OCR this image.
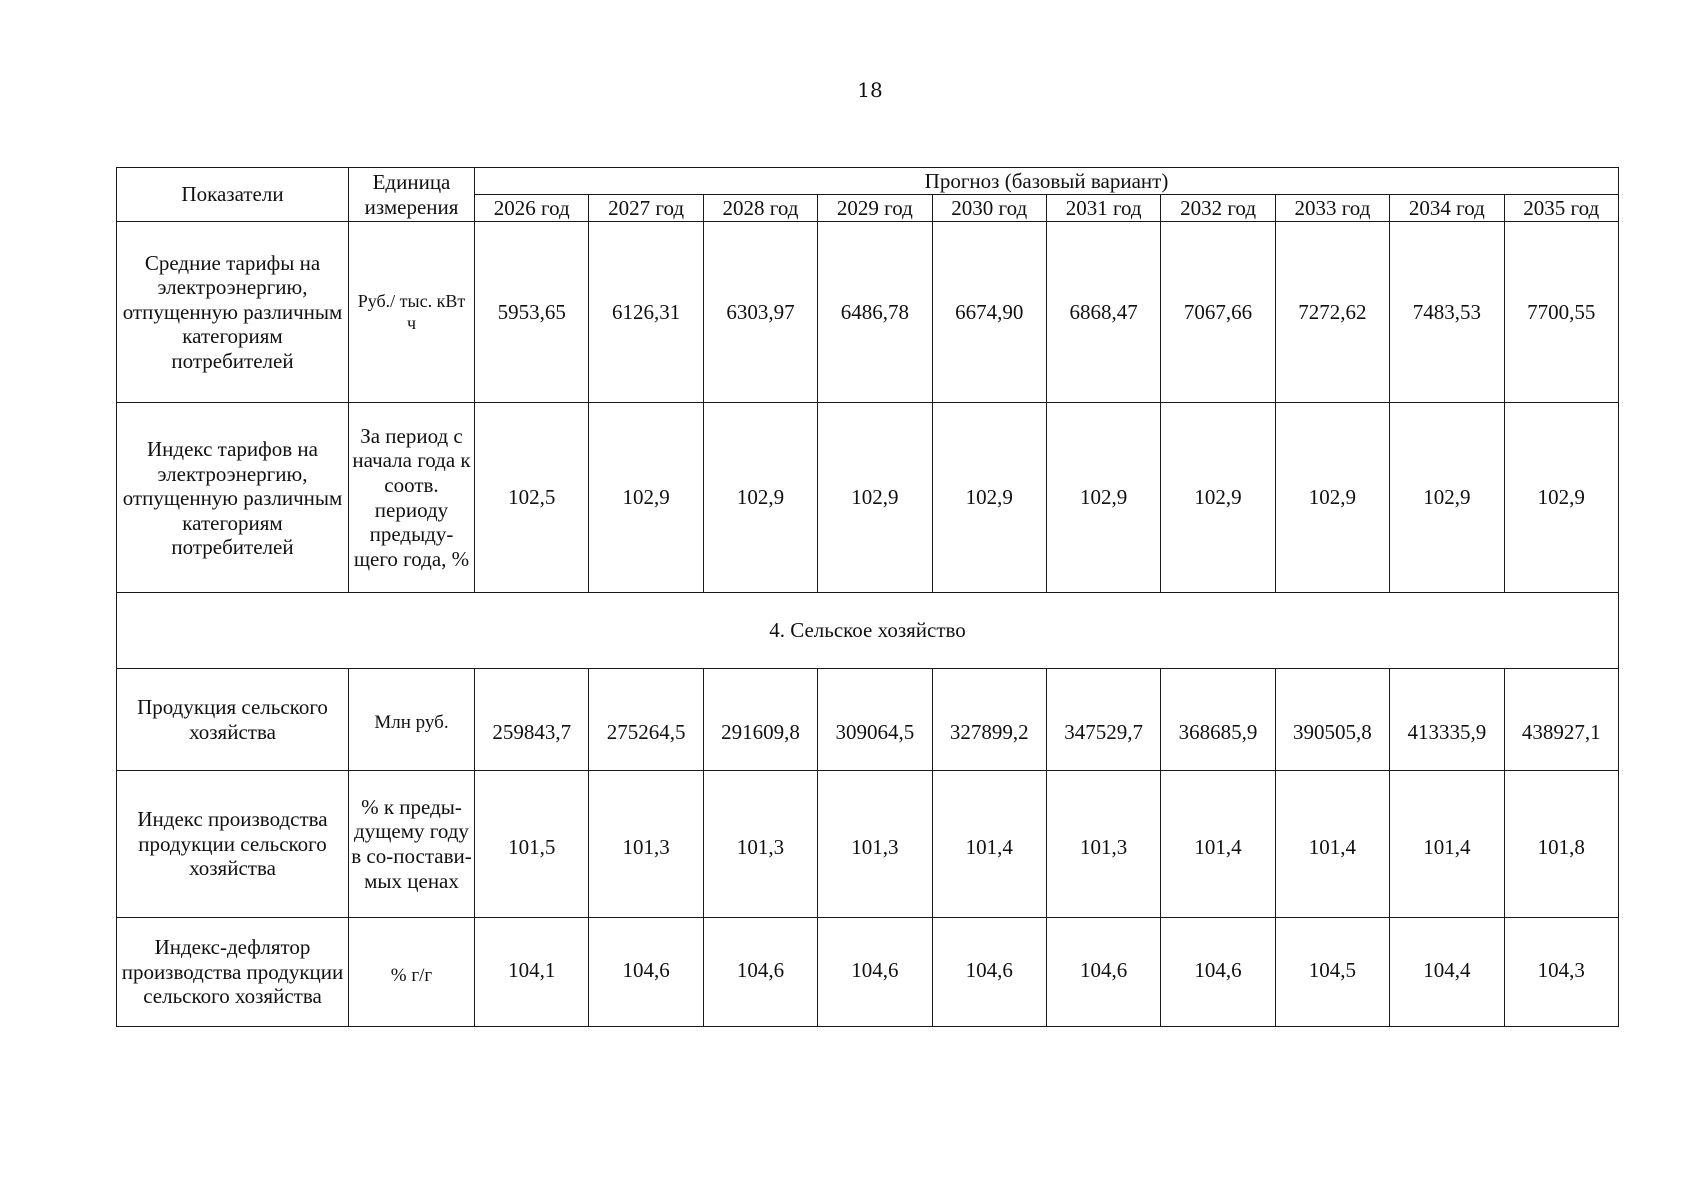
18
Показатели	Единица измерения	Прогноз (базовый вариант)									
		2026 год	2027 год	2028 год	2029 год	2030 год	2031 год	2032 год	2033 год	2034 год	2035 год
Средние тарифы на электроэнергию, отпущенную различным категориям потребителей	Руб./ тыс. кВт ч	5953,65	6126,31	6303,97	6486,78	6674,90	6868,47	7067,66	7272,62	7483,53	7700,55
Индекс тарифов на электроэнергию, отпущенную различным категориям потребителей	За период с начала года к соотв. периоду предыду-щего года, %	102,5	102,9	102,9	102,9	102,9	102,9	102,9	102,9	102,9	102,9
4. Сельское хозяйство											
Продукция сельского хозяйства	Млн руб.	259843,7	275264,5	291609,8	309064,5	327899,2	347529,7	368685,9	390505,8	413335,9	438927,1
Индекс производства продукции сельского хозяйства	% к преды-дущему году в со-постави-мых ценах	101,5	101,3	101,3	101,3	101,4	101,3	101,4	101,4	101,4	101,8
Индекс-дефлятор производства продукции сельского хозяйства	% г/г	104,1	104,6	104,6	104,6	104,6	104,6	104,6	104,5	104,4	104,3
